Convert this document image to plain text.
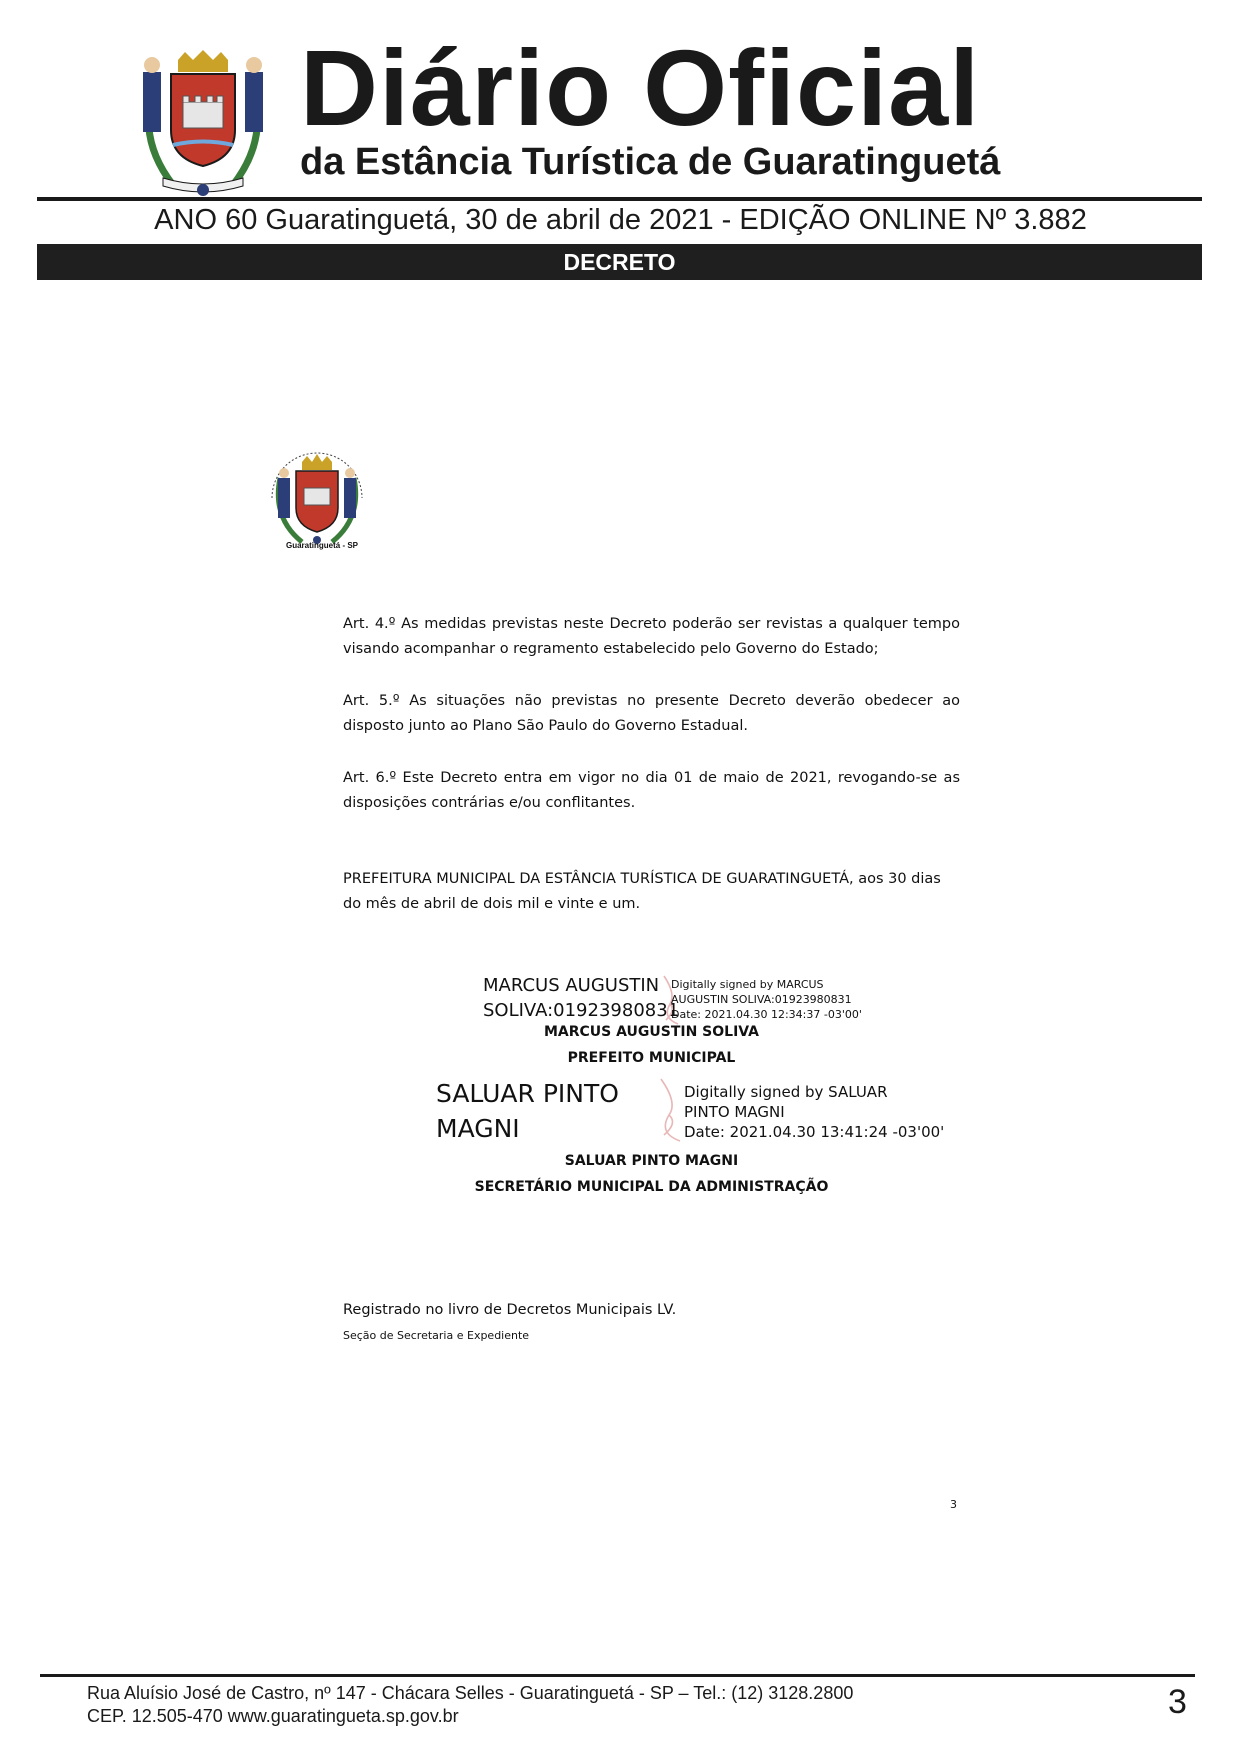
Diário Oficial
da Estância Turística de Guaratinguetá
ANO 60 Guaratinguetá, 30 de abril de 2021 - EDIÇÃO ONLINE Nº 3.882
DECRETO
Guaratinguetá - SP
Art. 4.º As medidas previstas neste Decreto poderão ser revistas a qualquer tempo visando acompanhar o regramento estabelecido pelo Governo do Estado;
Art. 5.º As situações não previstas no presente Decreto deverão obedecer ao disposto junto ao Plano São Paulo do Governo Estadual.
Art. 6.º Este Decreto entra em vigor no dia 01 de maio de 2021, revogando-se as disposições contrárias e/ou conflitantes.
PREFEITURA MUNICIPAL DA ESTÂNCIA TURÍSTICA DE GUARATINGUETÁ, aos 30 dias do mês de abril de dois mil e vinte e um.
MARCUS AUGUSTIN
SOLIVA:01923980831
Digitally signed by MARCUS
AUGUSTIN SOLIVA:01923980831
Date: 2021.04.30 12:34:37 -03'00'
MARCUS AUGUSTIN SOLIVA
PREFEITO MUNICIPAL
SALUAR PINTO
MAGNI
Digitally signed by SALUAR
PINTO MAGNI
Date: 2021.04.30 13:41:24 -03'00'
SALUAR PINTO MAGNI
SECRETÁRIO MUNICIPAL DA ADMINISTRAÇÃO
Registrado no livro de Decretos Municipais LV.
Seção de Secretaria e Expediente
3
Rua Aluísio José de Castro, nº 147 - Chácara Selles - Guaratinguetá - SP – Tel.: (12) 3128.2800
CEP. 12.505-470 www.guaratingueta.sp.gov.br	3
